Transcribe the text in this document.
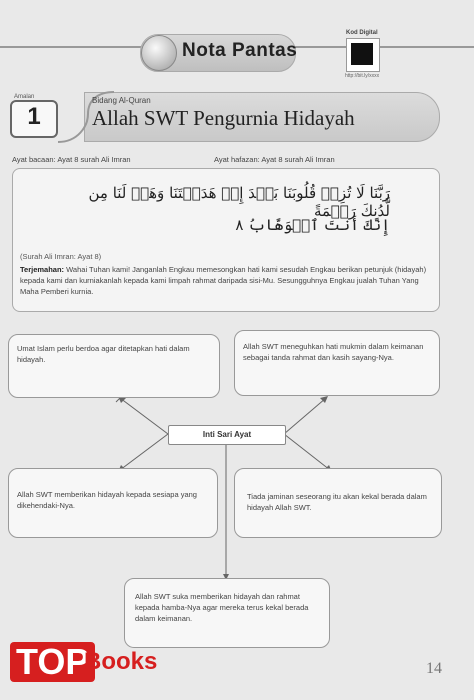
Nota Pantas
Kod Digital
http://bit.ly/xxxx
Amalan
1
Bidang Al-Quran
Allah SWT Pengurnia Hidayah
Ayat bacaan: Ayat 8 surah Ali Imran	Ayat hafazan: Ayat 8 surah Ali Imran
رَبَّنَا لَا تُزِغۡ قُلُوبَنَا بَعۡدَ إِذۡ هَدَيۡتَنَا وَهَبۡ لَنَا مِن لَّدُنكَ رَحۡمَةً
إِنَّكَ أَنتَ ٱلۡوَهَّابُ ٨
(Surah Ali Imran: Ayat 8)
Terjemahan: Wahai Tuhan kami! Janganlah Engkau memesongkan hati kami sesudah Engkau berikan petunjuk (hidayah) kepada kami dan kurniakanlah kepada kami limpah rahmat daripada sisi-Mu. Sesungguhnya Engkau jualah Tuhan Yang Maha Pemberi kurnia.
Umat Islam perlu berdoa agar ditetapkan hati dalam hidayah.
Allah SWT meneguhkan hati mukmin dalam keimanan sebagai tanda rahmat dan kasih sayang-Nya.
Inti Sari Ayat
Allah SWT memberikan hidayah kepada sesiapa yang dikehendaki-Nya.
Tiada jaminan seseorang itu akan kekal berada dalam hidayah Allah SWT.
Allah SWT suka memberikan hidayah dan rahmat kepada hamba-Nya agar mereka terus kekal berada dalam keimanan.
TOP
Books	14
